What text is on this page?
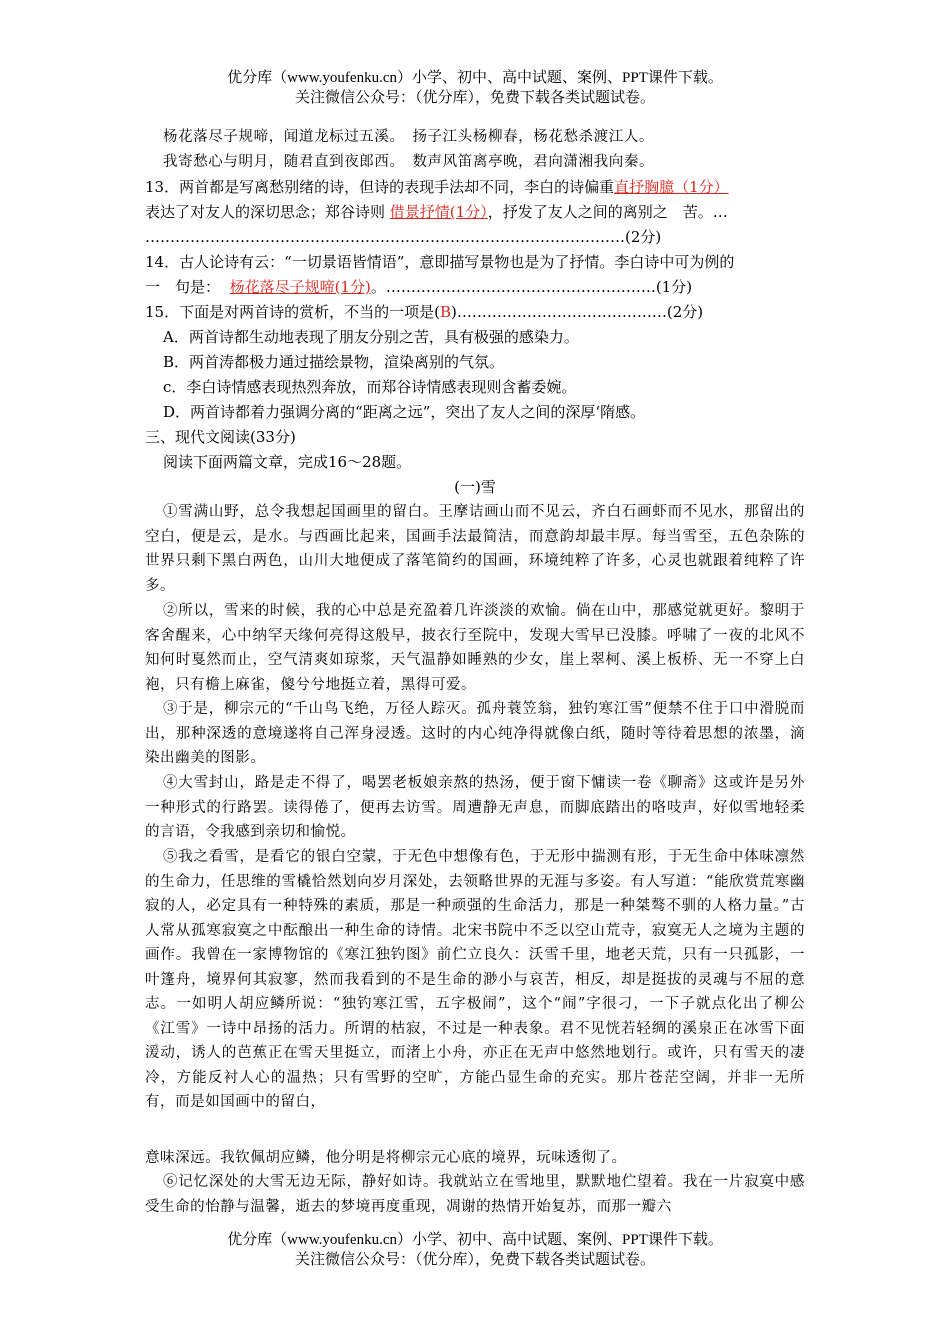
优分库（www.youfenku.cn）小学、初中、高中试题、案例、PPT课件下载。
关注微信公众号：（优分库），免费下载各类试题试卷。
杨花落尽子规啼，闻道龙标过五溪。　扬子江头杨柳春，杨花愁杀渡江人。
我寄愁心与明月，随君直到夜郎西。　数声风笛离亭晚，君向潇湘我向秦。
13．两首都是写离愁别绪的诗，但诗的表现手法却不同，李白的诗偏重直抒胸臆（1分）
表达了对友人的深切思念；郑谷诗则 借景抒情(1分），抒发了友人之间的离别之　苦。…
……………………………………………………………………………………(2分)
14．古人论诗有云：“一切景语皆情语”，意即描写景物也是为了抒情。李白诗中可为例的
一　句是： 杨花落尽子规啼(1分)。………………………………………………(1分)
15．下面是对两首诗的赏析，不当的一项是(B)……………………………………(2分)
A．两首诗都生动地表现了朋友分别之苦，具有极强的感染力。
B．两首涛都极力通过描绘景物，渲染离别的气氛。
c．李白诗情感表现热烈奔放，而郑谷诗情感表现则含蓄委婉。
D．两首诗都着力强调分离的“距离之远”，突出了友人之间的深厚‘隋感。
三、现代文阅读(33分)
阅读下面两篇文章，完成16～28题。
(一)雪
①雪满山野，总令我想起国画里的留白。王摩诘画山而不见云，齐白石画虾而不见水，那留出的空白，便是云，是水。与西画比起来，国画手法最简洁，而意韵却最丰厚。每当雪至，五色杂陈的世界只剩下黑白两色，山川大地便成了落笔简约的国画，环境纯粹了许多，心灵也就跟着纯粹了许多。
②所以，雪来的时候，我的心中总是充盈着几许淡淡的欢愉。倘在山中，那感觉就更好。黎明于客舍醒来，心中纳罕天缘何亮得这般早，披衣行至院中，发现大雪早已没膝。呼啸了一夜的北风不知何时戛然而止，空气清爽如琼浆，天气温静如睡熟的少女，崖上翠柯、溪上板桥、无一不穿上白袍，只有檐上麻雀，傻兮兮地挺立着，黑得可爱。
③于是，柳宗元的“千山鸟飞绝，万径人踪灭。孤舟蓑笠翁，独钓寒江雪”便禁不住于口中滑脱而出，那种深透的意境遂将自己浑身浸透。这时的内心纯净得就像白纸，随时等待着思想的浓墨，滴染出幽美的图影。
④大雪封山，路是走不得了，喝罢老板娘亲熬的热汤，便于窗下慵读一卷《聊斋》这或许是另外一种形式的行路罢。读得倦了，便再去访雪。周遭静无声息，而脚底踏出的咯吱声，好似雪地轻柔的言语，令我感到亲切和愉悦。
⑤我之看雪，是看它的银白空蒙，于无色中想像有色，于无形中揣测有形，于无生命中体味凛然的生命力，任思维的雪橇恰然划向岁月深处，去领略世界的无涯与多姿。有人写道：“能欣赏荒寒幽寂的人，必定具有一种特殊的素质，那是一种顽强的生命活力，那是一种桀骜不驯的人格力量。”古人常从孤寒寂寞之中酝酿出一种生命的诗情。北宋书院中不乏以空山荒寺，寂寞无人之境为主题的画作。我曾在一家博物馆的《寒江独钓图》前伫立良久：沃雪千里，地老天荒，只有一只孤影，一叶篷舟，境界何其寂寥，然而我看到的不是生命的渺小与哀苦，相反，却是挺拔的灵魂与不屈的意志。一如明人胡应鳞所说：“独钓寒江雪，五字极闹”，这个“闹”字很刁，一下子就点化出了柳公《江雪》一诗中昂扬的活力。所谓的枯寂，不过是一种表象。君不见恍若轻绸的溪泉正在冰雪下面湲动，诱人的芭蕉正在雪天里挺立，而渚上小舟，亦正在无声中悠然地划行。或许，只有雪天的凄冷，方能反衬人心的温热；只有雪野的空旷，方能凸显生命的充实。那片苍茫空阔，并非一无所有，而是如国画中的留白，
意味深远。我钦佩胡应鳞，他分明是将柳宗元心底的境界，玩味透彻了。
⑥记忆深处的大雪无边无际，静好如诗。我就站立在雪地里，默默地伫望着。我在一片寂寞中感受生命的怡静与温馨，逝去的梦境再度重现，凋谢的热情开始复苏，而那一瓣六
优分库（www.youfenku.cn）小学、初中、高中试题、案例、PPT课件下载。
关注微信公众号：（优分库），免费下载各类试题试卷。
